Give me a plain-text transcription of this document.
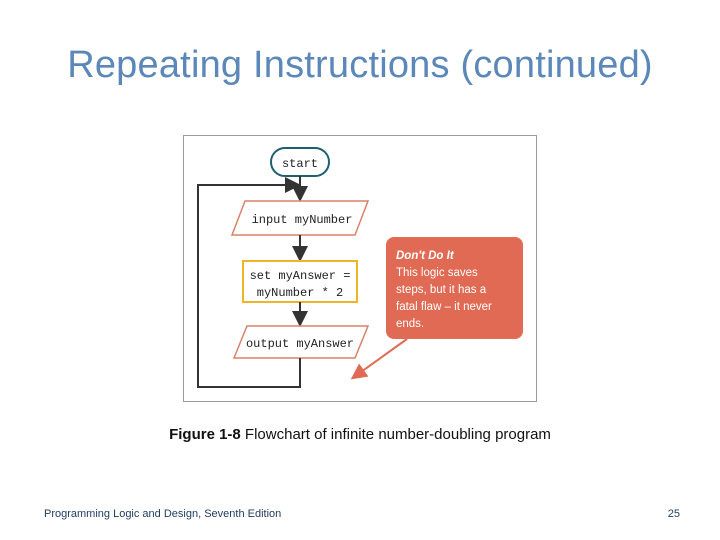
Repeating Instructions (continued)
start
input myNumber
set myAnswer =
myNumber * 2
output myAnswer
Don't Do It
This logic saves
steps, but it has a
fatal flaw – it never
ends.
Figure 1-8 Flowchart of infinite number-doubling program
Programming Logic and Design, Seventh Edition	25
